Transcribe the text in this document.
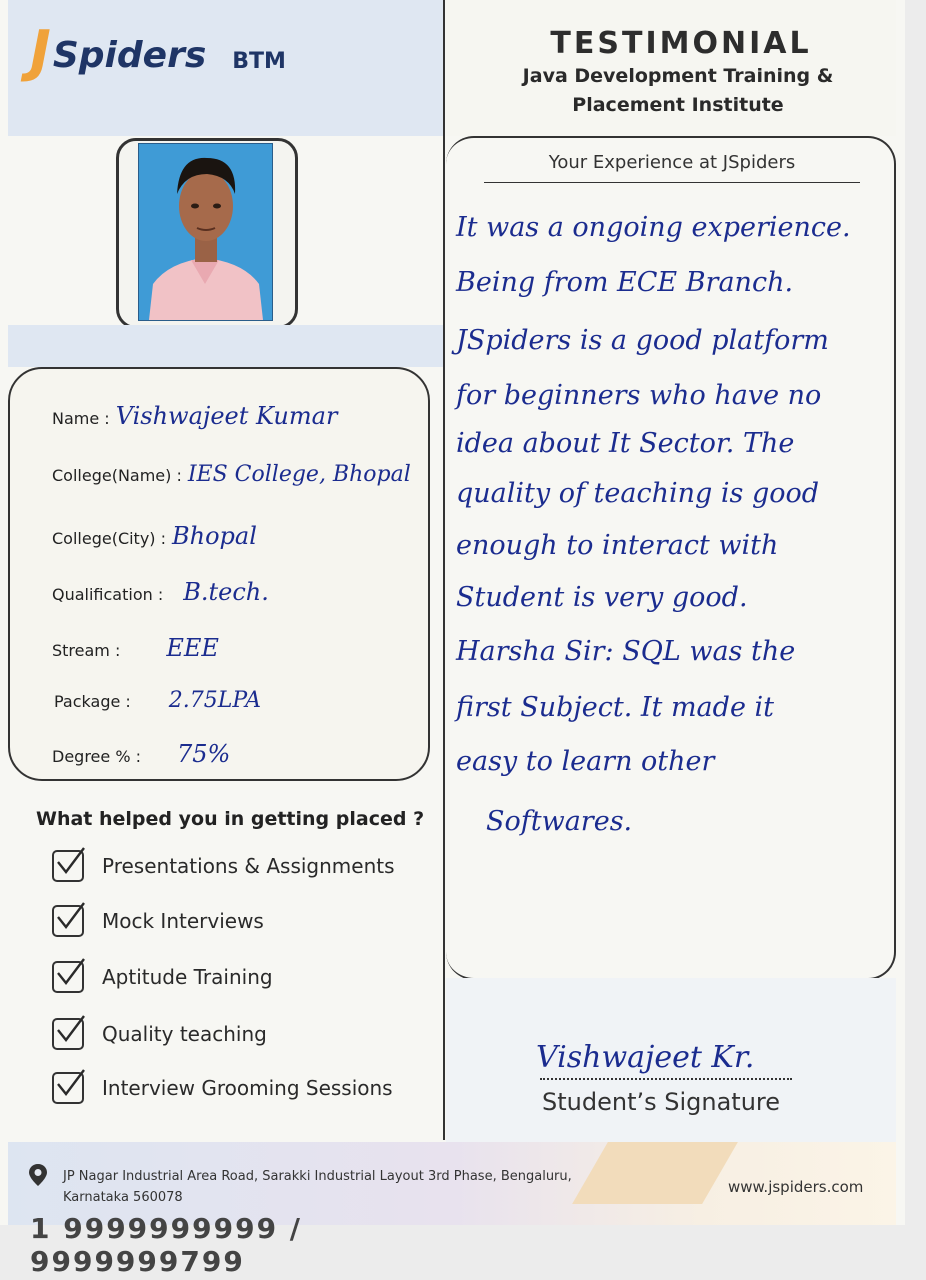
J Spiders BTM
TESTIMONIAL
Java Development Training &
Placement Institute
Name : Vishwajeet Kumar
College(Name) : IES College, Bhopal
College(City) : Bhopal
Qualification : B.tech.
Stream : EEE
Package : 2.75LPA
Degree % : 75%
What helped you in getting placed ?
Presentations & Assignments
Mock Interviews
Aptitude Training
Quality teaching
Interview Grooming Sessions
Your Experience at JSpiders
It was a ongoing experience.
Being from ECE Branch.
JSpiders is a good platform
for beginners who have no
idea about It Sector. The
quality of teaching is good
enough to interact with
Student is very good.
Harsha Sir: SQL was the
first Subject. It made it
easy to learn other
Softwares.
Vishwajeet Kr.
Student’s Signature
JP Nagar Industrial Area Road, Sarakki Industrial Layout 3rd Phase, Bengaluru,
Karnataka 560078
www.jspiders.com
1 9999999999 / 9999999799
